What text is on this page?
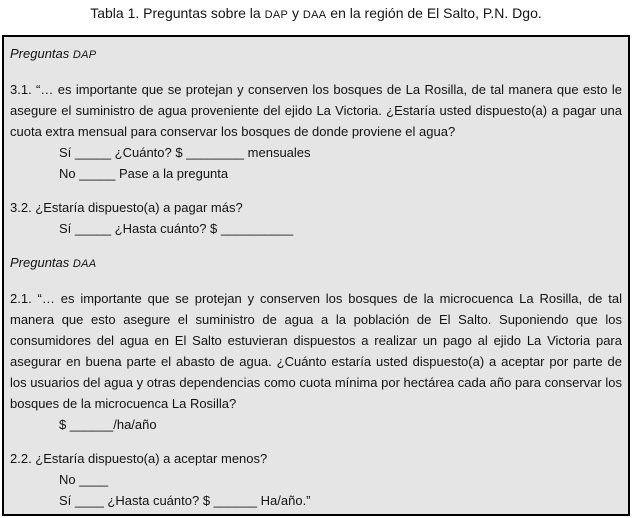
Tabla 1. Preguntas sobre la DAP y DAA en la región de El Salto, P.N. Dgo.
Preguntas DAP

3.1. “… es importante que se protejan y conserven los bosques de La Rosilla, de tal manera que esto le asegure el suministro de agua proveniente del ejido La Victoria. ¿Estaría usted dispuesto(a) a pagar una cuota extra mensual para conservar los bosques de donde proviene el agua?

Sí _____ ¿Cuánto? $ ________ mensuales
No _____ Pase a la pregunta
3.2. ¿Estaría dispuesto(a) a pagar más?
Sí _____ ¿Hasta cuánto? $ __________
Preguntas DAA

2.1. “… es importante que se protejan y conserven los bosques de la microcuenca La Rosilla, de tal manera que esto asegure el suministro de agua a la población de El Salto. Suponiendo que los consumidores del agua en El Salto estuvieran dispuestos a realizar un pago al ejido La Victoria para asegurar en buena parte el abasto de agua. ¿Cuánto estaría usted dispuesto(a) a aceptar por parte de los usuarios del agua y otras dependencias como cuota mínima por hectárea cada año para conservar los bosques de la microcuenca La Rosilla?

$ ______/ha/año
2.2. ¿Estaría dispuesto(a) a aceptar menos?
No ____
Sí ____ ¿Hasta cuánto? $ ______ Ha/año.”
